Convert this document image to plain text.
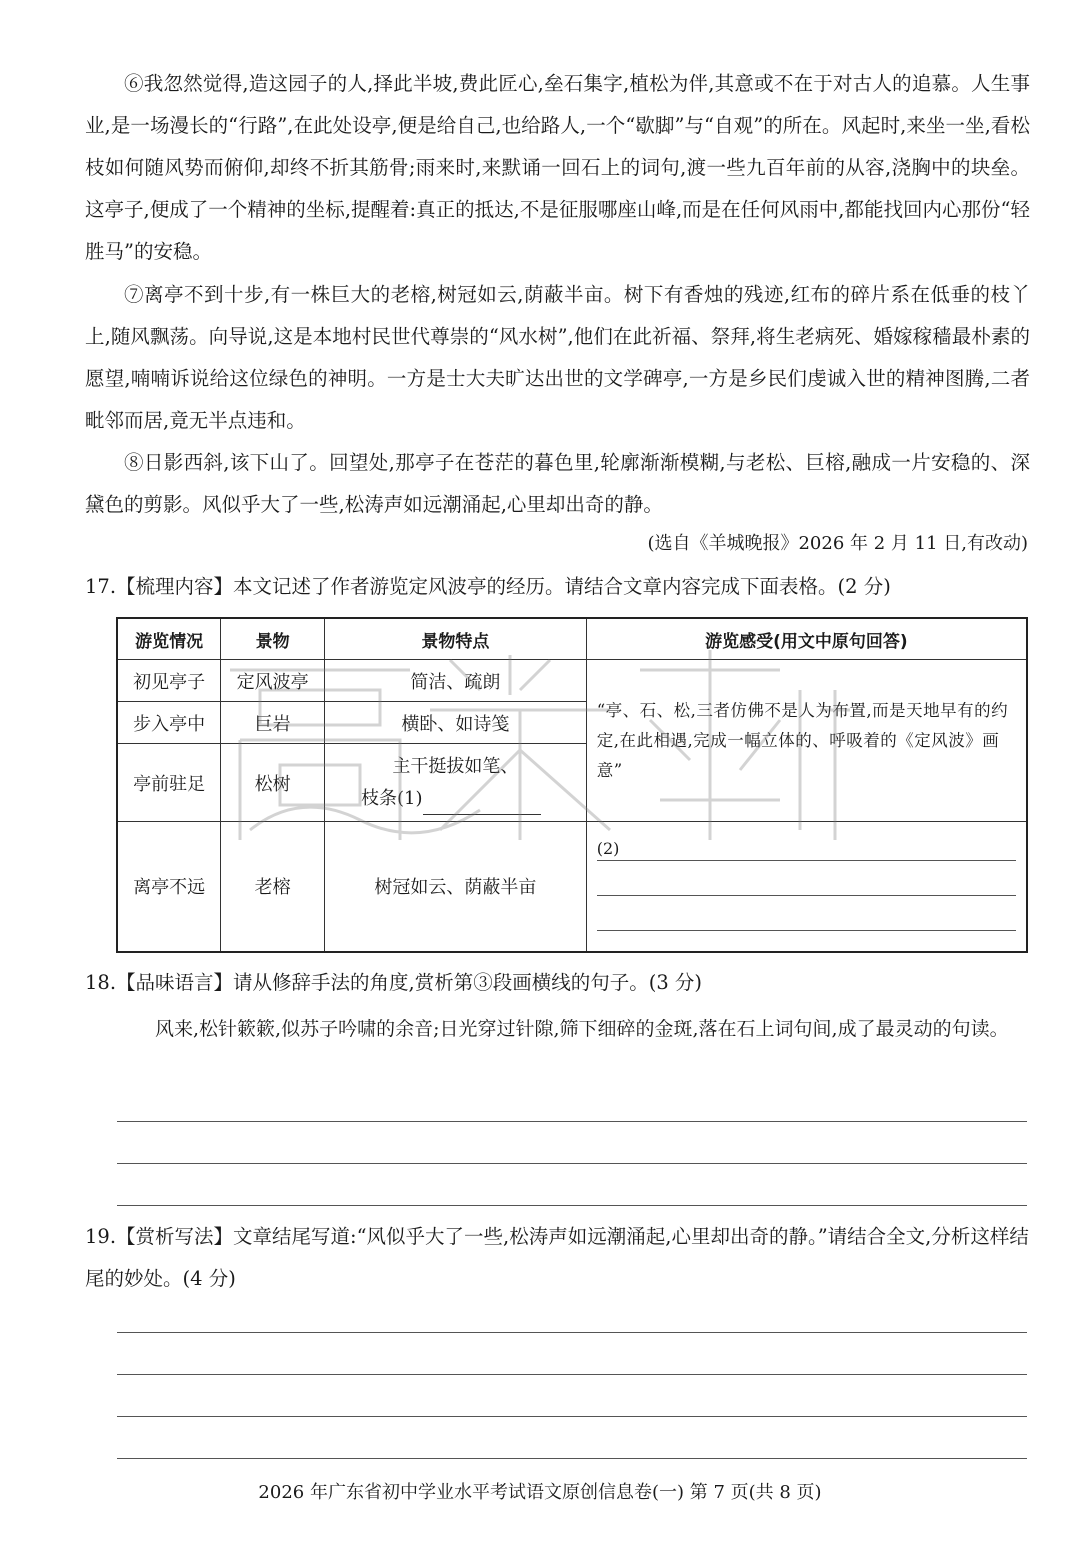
⑥我忽然觉得,造这园子的人,择此半坡,费此匠心,垒石集字,植松为伴,其意或不在于对古人的追慕。人生事业,是一场漫长的“行路”,在此处设亭,便是给自己,也给路人,一个“歇脚”与“自观”的所在。风起时,来坐一坐,看松枝如何随风势而俯仰,却终不折其筋骨;雨来时,来默诵一回石上的词句,渡一些九百年前的从容,浇胸中的块垒。这亭子,便成了一个精神的坐标,提醒着:真正的抵达,不是征服哪座山峰,而是在任何风雨中,都能找回内心那份“轻胜马”的安稳。

⑦离亭不到十步,有一株巨大的老榕,树冠如云,荫蔽半亩。树下有香烛的残迹,红布的碎片系在低垂的枝丫上,随风飘荡。向导说,这是本地村民世代尊崇的“风水树”,他们在此祈福、祭拜,将生老病死、婚嫁稼穑最朴素的愿望,喃喃诉说给这位绿色的神明。一方是士大夫旷达出世的文学碑亭,一方是乡民们虔诚入世的精神图腾,二者毗邻而居,竟无半点违和。

⑧日影西斜,该下山了。回望处,那亭子在苍茫的暮色里,轮廓渐渐模糊,与老松、巨榕,融成一片安稳的、深黛色的剪影。风似乎大了一些,松涛声如远潮涌起,心里却出奇的静。

(选自《羊城晚报》2026 年 2 月 11 日,有改动)

17.【梳理内容】本文记述了作者游览定风波亭的经历。请结合文章内容完成下面表格。(2 分)

游览情况	景物	景物特点	游览感受(用文中原句回答)
初见亭子	定风波亭	简洁、疏朗	“亭、石、松,三者仿佛不是人为布置,而是天地早有的约定,在此相遇,完成一幅立体的、呼吸着的《定风波》画意”
步入亭中	巨岩	横卧、如诗笺	
亭前驻足	松树	主干挺拔如笔、
枝条(1)	

离亭不远	老榕	树冠如云、荫蔽半亩	(2)

18.【品味语言】请从修辞手法的角度,赏析第③段画横线的句子。(3 分)

风来,松针簌簌,似苏子吟啸的余音;日光穿过针隙,筛下细碎的金斑,落在石上词句间,成了最灵动的句读。

19.【赏析写法】文章结尾写道:“风似乎大了一些,松涛声如远潮涌起,心里却出奇的静。”请结合全文,分析这样结尾的妙处。(4 分)

2026 年广东省初中学业水平考试语文原创信息卷(一) 第 7 页(共 8 页)
